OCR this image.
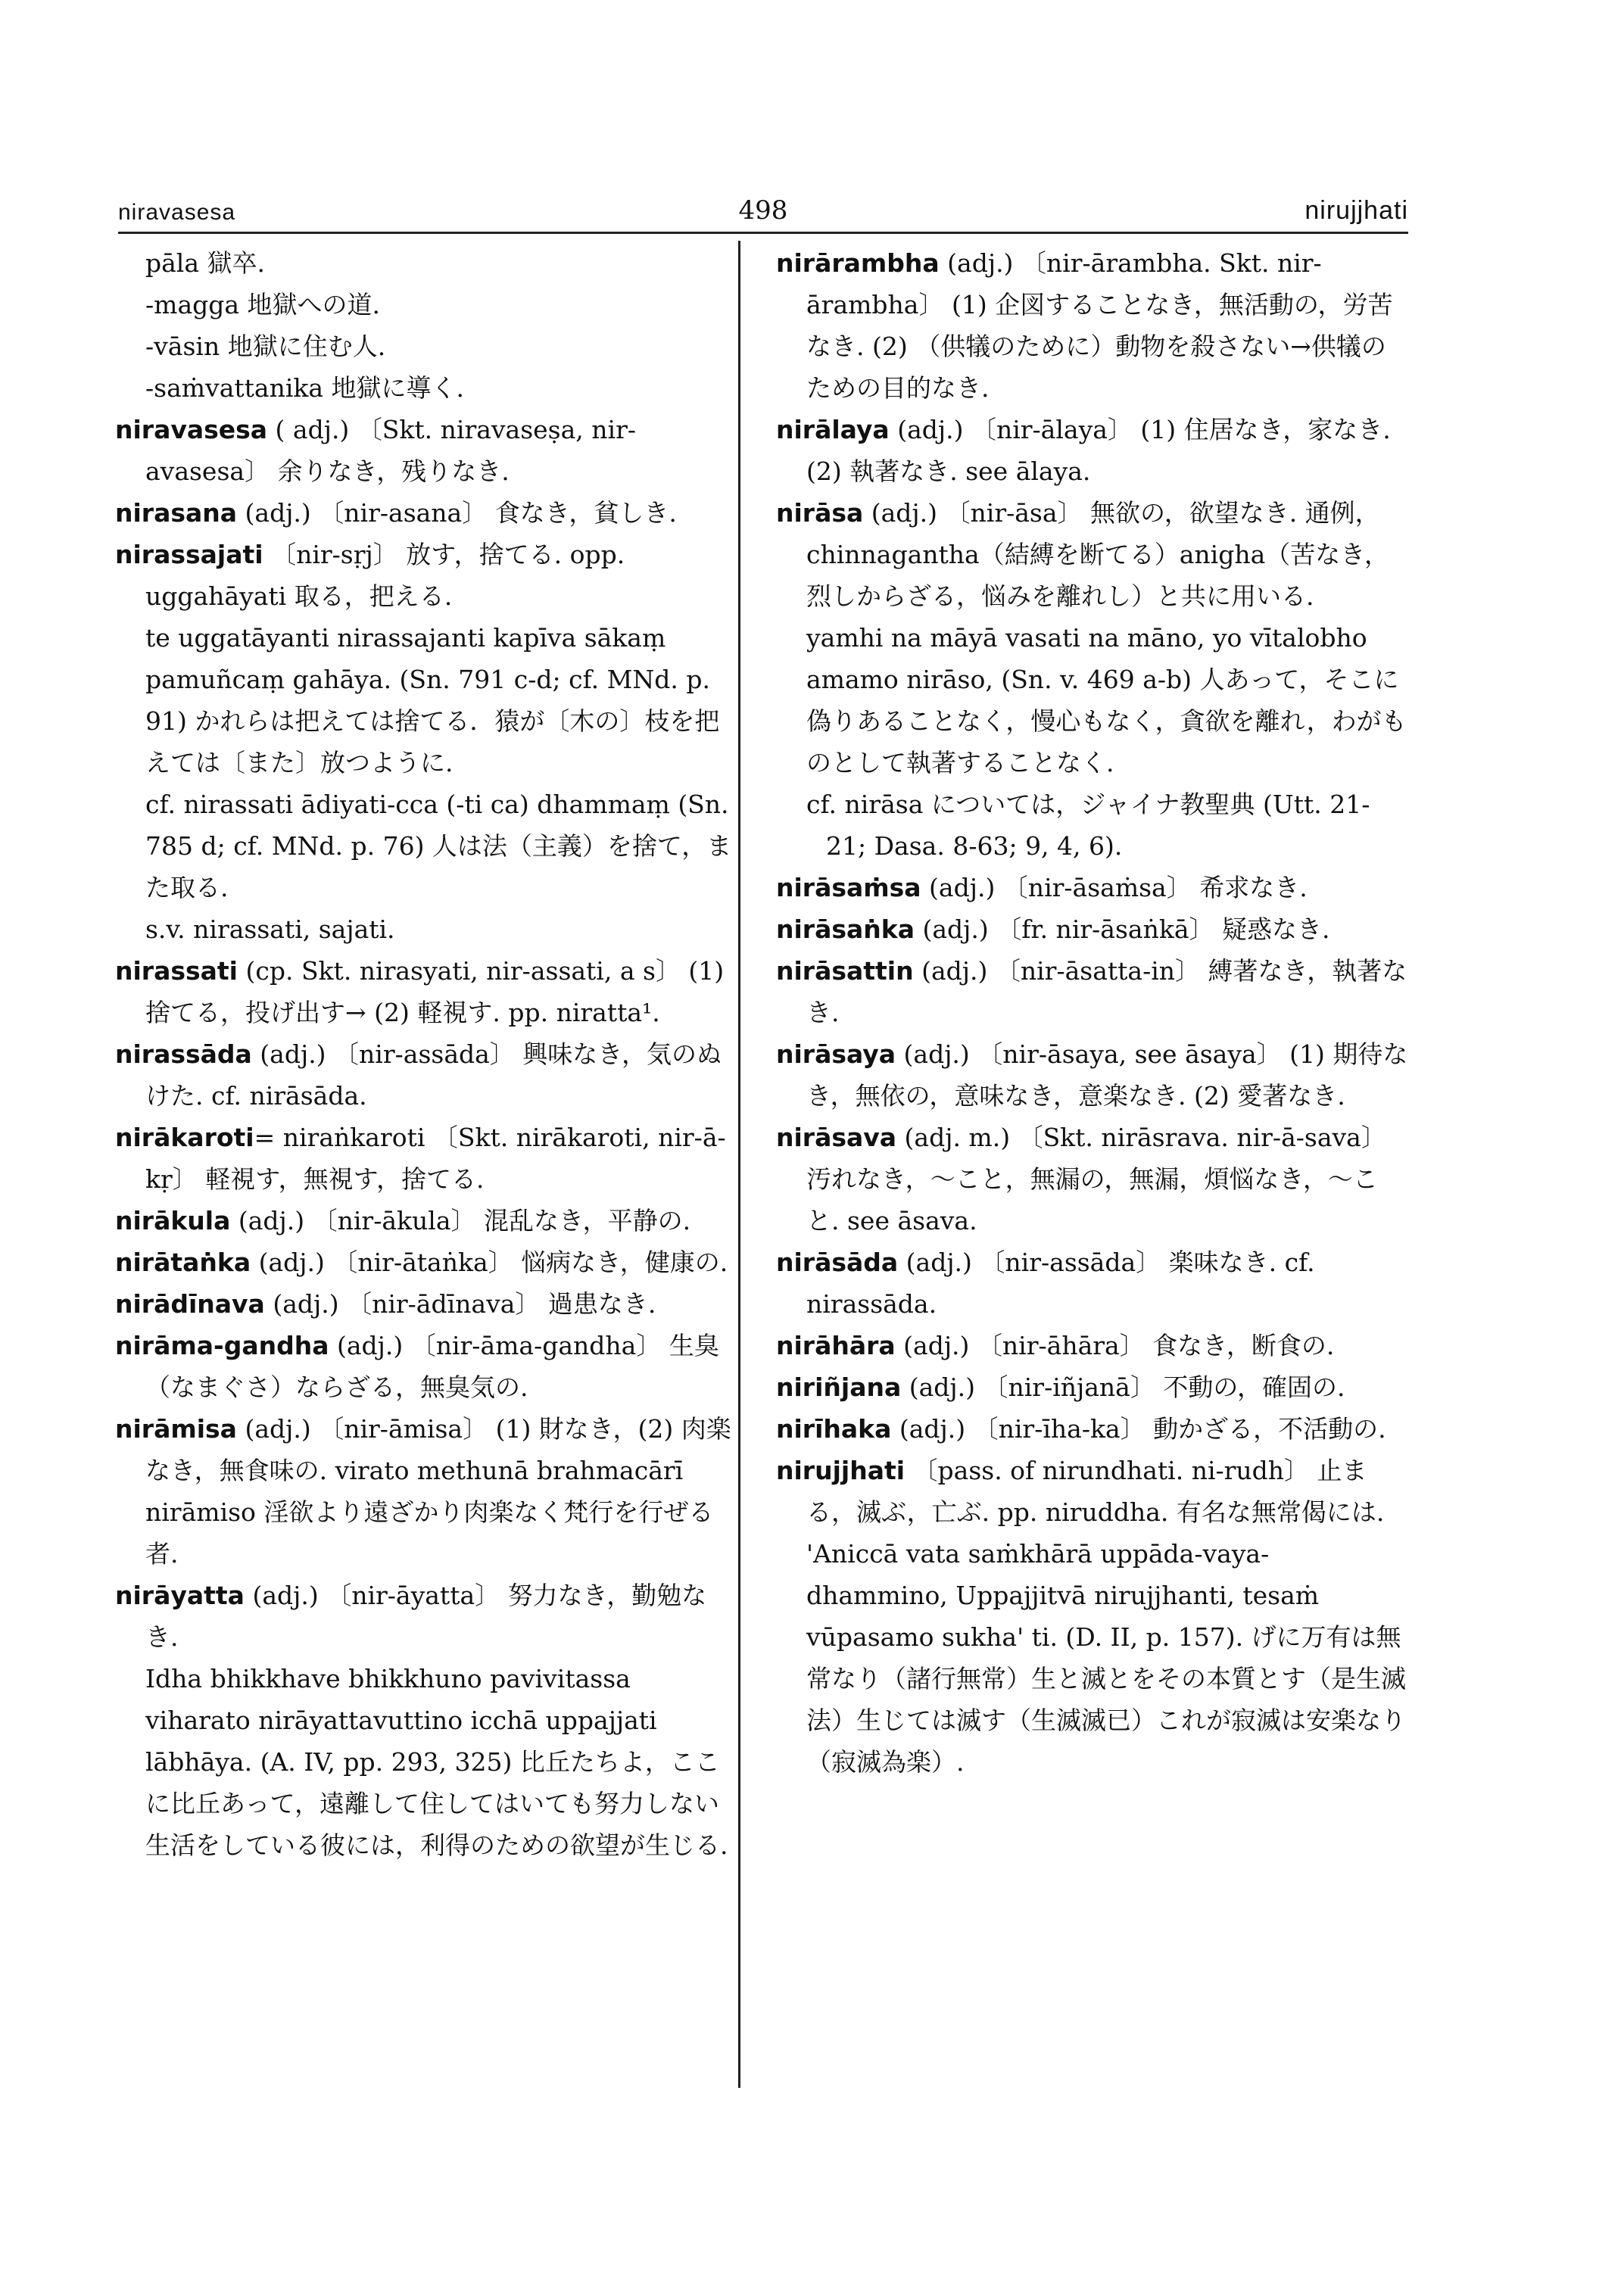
niravasesa	498	nirujjhati

pāla 獄卒.

-magga 地獄への道.

-vāsin 地獄に住む人.

-saṁvattanika 地獄に導く.

niravasesa ( adj.) 〔Skt. niravaseṣa, nir-avasesa〕 余りなき，残りなき.

nirasana (adj.) 〔nir-asana〕 食なき，貧しき.

nirassajati 〔nir-sṛj〕 放す，捨てる. opp. uggahāyati 取る，把える.

te uggatāyanti nirassajanti kapīva sākaṃ pamuñcaṃ gahāya. (Sn. 791 c-d; cf. MNd. p. 91) かれらは把えては捨てる．猿が〔木の〕枝を把えては〔また〕放つように.

cf. nirassati ādiyati-cca (-ti ca) dhammaṃ (Sn. 785 d; cf. MNd. p. 76) 人は法（主義）を捨て，また取る.

s.v. nirassati, sajati.

nirassati (cp. Skt. nirasyati, nir-assati, a s〕 (1) 捨てる，投げ出す→ (2) 軽視す. pp. niratta¹.

nirassāda (adj.) 〔nir-assāda〕 興味なき，気のぬけた. cf. nirāsāda.

nirākaroti= niraṅkaroti 〔Skt. nirākaroti, nir-ā-kṛ〕 軽視す，無視す，捨てる.

nirākula (adj.) 〔nir-ākula〕 混乱なき，平静の.

nirātaṅka (adj.) 〔nir-ātaṅka〕 悩病なき，健康の.

nirādīnava (adj.) 〔nir-ādīnava〕 過患なき.

nirāma-gandha (adj.) 〔nir-āma-gandha〕 生臭（なまぐさ）ならざる，無臭気の.

nirāmisa (adj.) 〔nir-āmisa〕 (1) 財なき，(2) 肉楽なき，無食味の. virato methunā brahmacārī nirāmiso 淫欲より遠ざかり肉楽なく梵行を行ぜる者.

nirāyatta (adj.) 〔nir-āyatta〕 努力なき，勤勉なき.

Idha bhikkhave bhikkhuno pavivitassa viharato nirāyattavuttino icchā uppajjati lābhāya. (A. IV, pp. 293, 325) 比丘たちよ，ここに比丘あって，遠離して住してはいても努力しない生活をしている彼には，利得のための欲望が生じる.

nirārambha (adj.) 〔nir-ārambha. Skt. nir-ārambha〕 (1) 企図することなき，無活動の，労苦なき. (2) （供犠のために）動物を殺さない→供犠のための目的なき.

nirālaya (adj.) 〔nir-ālaya〕 (1) 住居なき，家なき. (2) 執著なき. see ālaya.

nirāsa (adj.) 〔nir-āsa〕 無欲の，欲望なき. 通例，chinnagantha（結縛を断てる）anigha（苦なき，烈しからざる，悩みを離れし）と共に用いる.

yamhi na māyā vasati na māno, yo vītalobho amamo nirāso, (Sn. v. 469 a-b) 人あって，そこに偽りあることなく，慢心もなく，貪欲を離れ，わがものとして執著することなく.

cf. nirāsa については，ジャイナ教聖典 (Utt. 21-21; Dasa. 8-63; 9, 4, 6).

nirāsaṁsa (adj.) 〔nir-āsaṁsa〕 希求なき.

nirāsaṅka (adj.) 〔fr. nir-āsaṅkā〕 疑惑なき.

nirāsattin (adj.) 〔nir-āsatta-in〕 縛著なき，執著なき.

nirāsaya (adj.) 〔nir-āsaya, see āsaya〕 (1) 期待なき，無依の，意味なき，意楽なき. (2) 愛著なき.

nirāsava (adj. m.) 〔Skt. nirāsrava. nir-ā-sava〕 汚れなき，〜こと，無漏の，無漏，煩悩なき，〜こと. see āsava.

nirāsāda (adj.) 〔nir-assāda〕 楽味なき. cf. nirassāda.

nirāhāra (adj.) 〔nir-āhāra〕 食なき，断食の.

niriñjana (adj.) 〔nir-iñjanā〕 不動の，確固の.

nirīhaka (adj.) 〔nir-īha-ka〕 動かざる，不活動の.

nirujjhati 〔pass. of nirundhati. ni-rudh〕 止まる，滅ぶ，亡ぶ. pp. niruddha. 有名な無常偈には.

'Aniccā vata saṁkhārā uppāda-vaya-dhammino, Uppajjitvā nirujjhanti, tesaṁ vūpasamo sukha' ti. (D. II, p. 157). げに万有は無常なり（諸行無常）生と滅とをその本質とす（是生滅法）生じては滅す（生滅滅已）これが寂滅は安楽なり（寂滅為楽）.
